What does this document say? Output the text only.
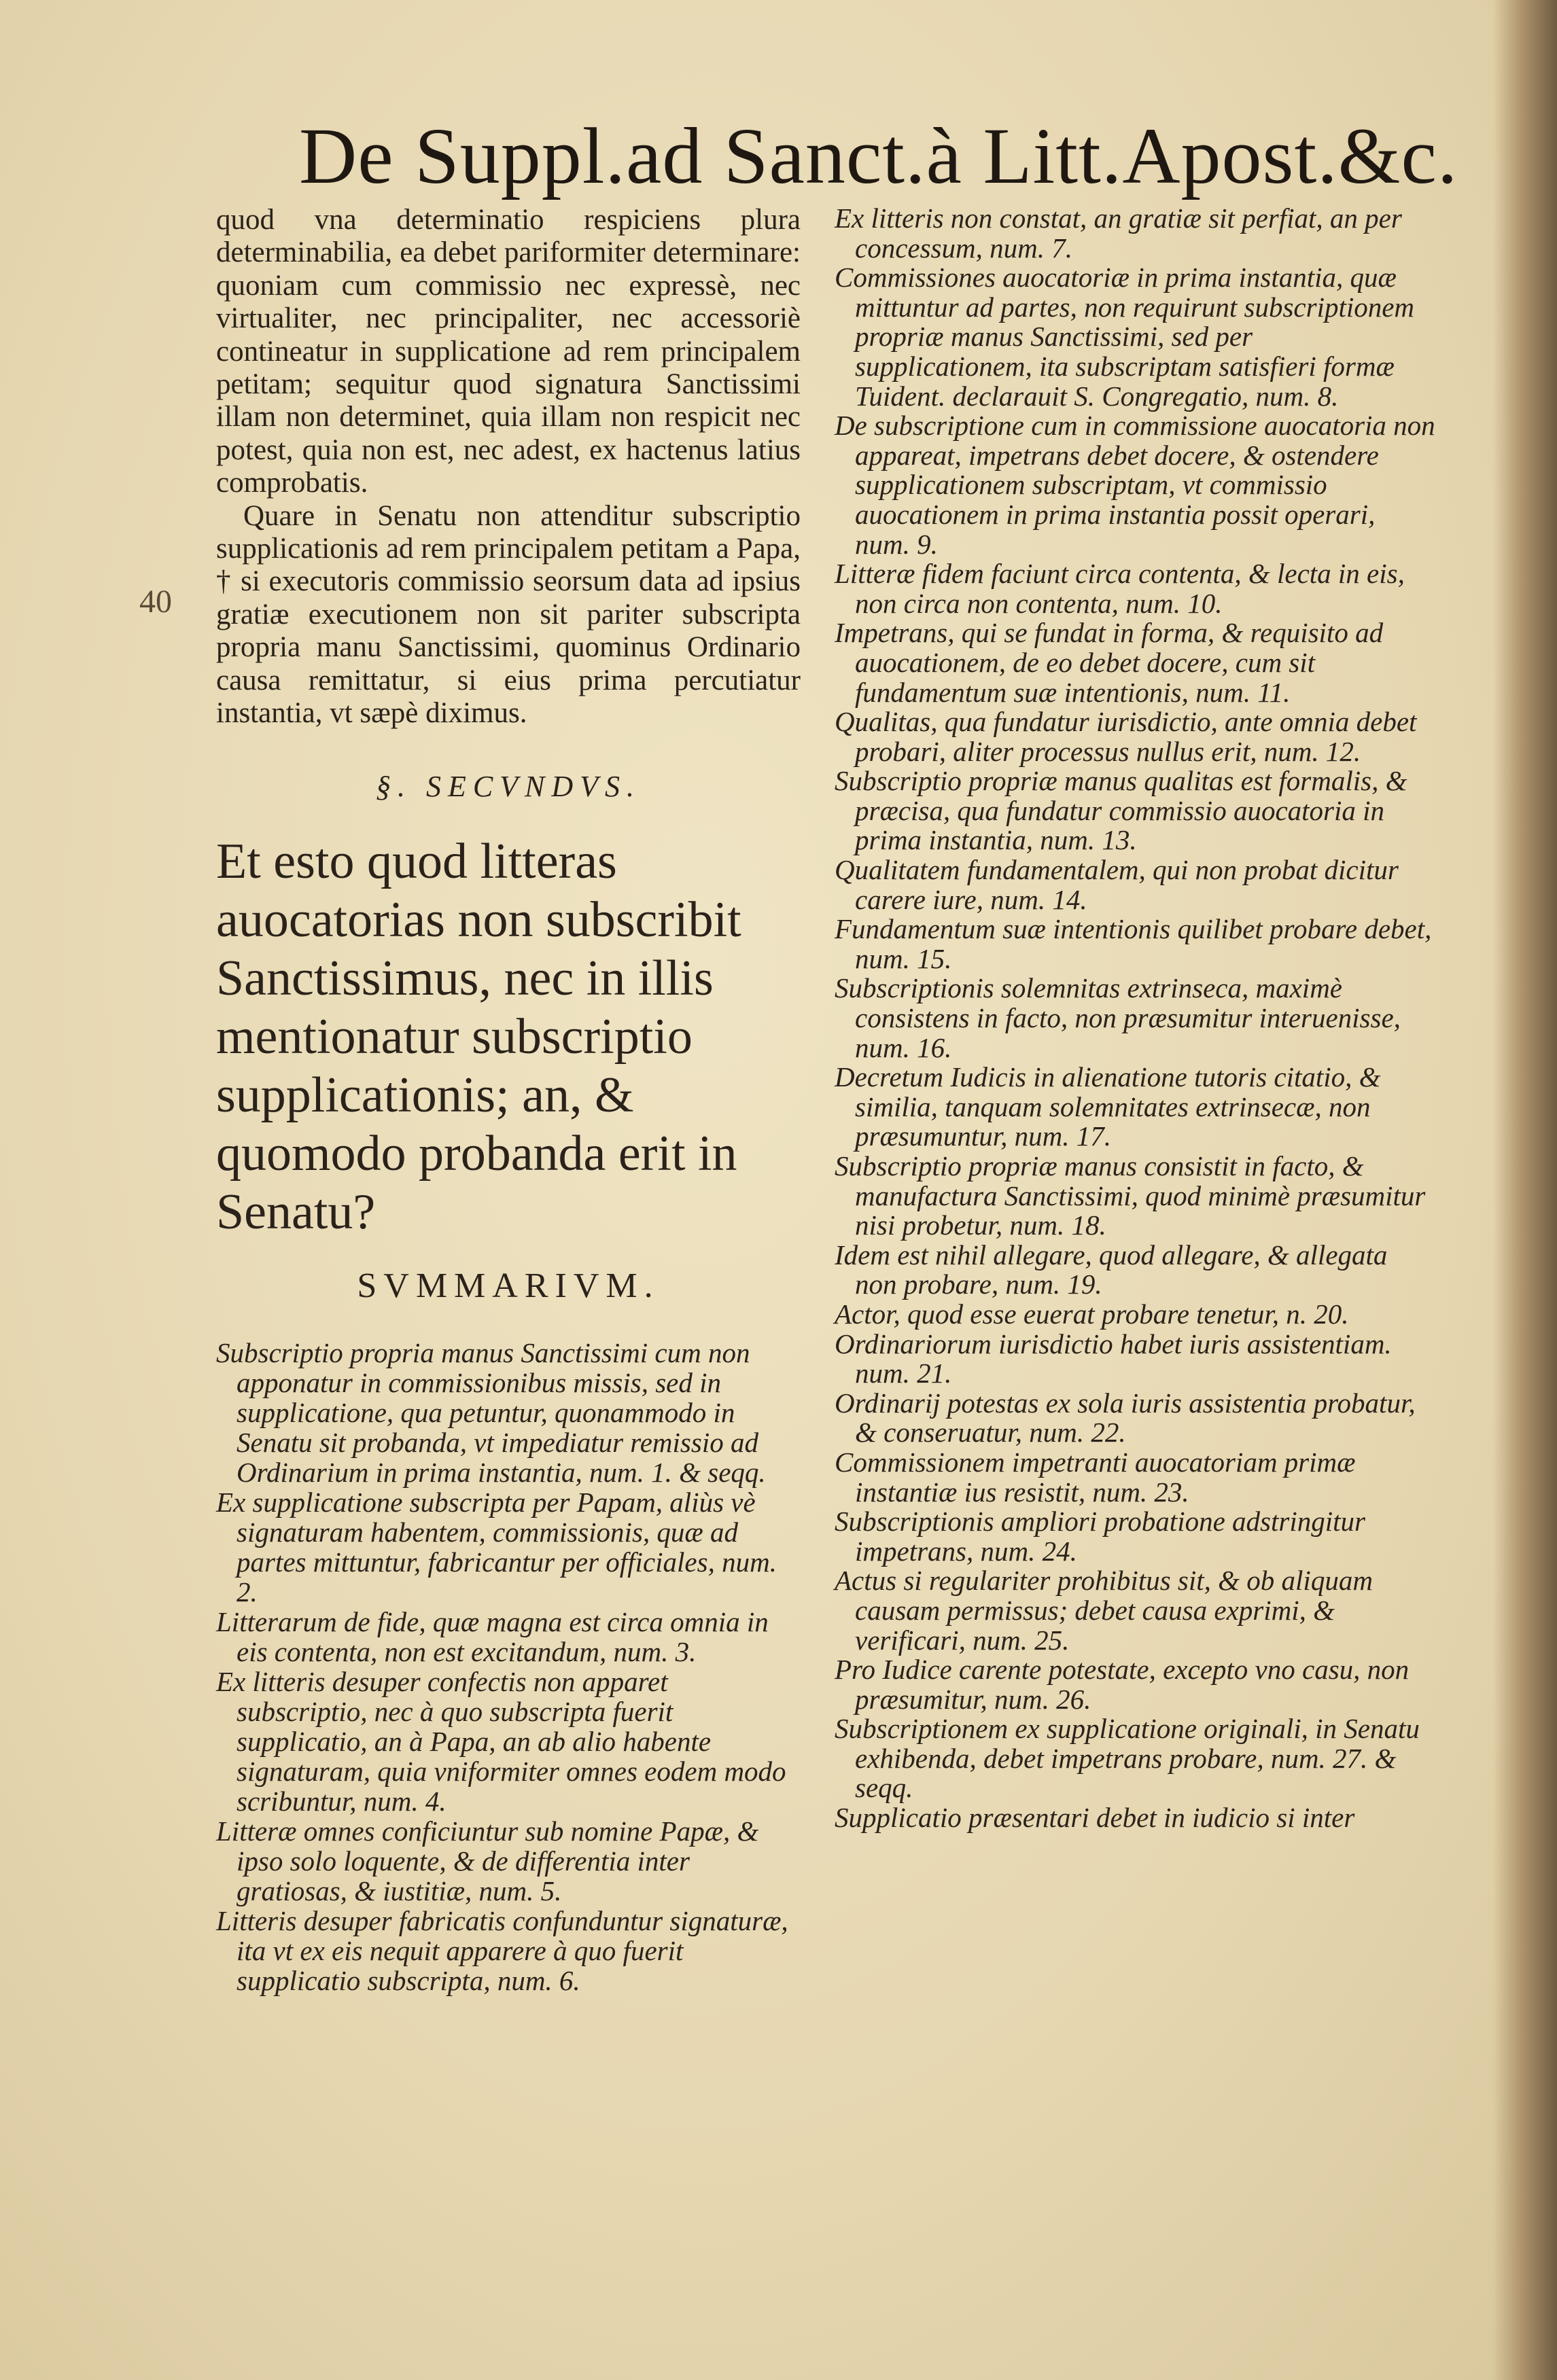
De Suppl.ad Sanct.à Litt.Apost.&c.
40

quod vna determinatio respiciens plura determinabilia, ea debet pariformiter determinare: quoniam cum commissio nec expressè, nec virtualiter, nec principaliter, nec accessoriè contineatur in supplicatione ad rem principalem petitam; sequitur quod signatura Sanctissimi illam non determinet, quia illam non respicit nec potest, quia non est, nec adest, ex hactenus latius comprobatis.

Quare in Senatu non attenditur subscriptio supplicationis ad rem principalem petitam a Papa, † si executoris commissio seorsum data ad ipsius gratiæ executionem non sit pariter subscripta propria manu Sanctissimi, quominus Ordinario causa remittatur, si eius prima percutiatur instantia, vt sæpè diximus.

§. SECVNDVS.

Et esto quod litteras auocatorias non subscribit Sanctissimus, nec in illis mentionatur subscriptio supplicationis; an, & quomodo probanda erit in Senatu?

SVMMARIVM.

Subscriptio propria manus Sanctissimi cum non apponatur in commissionibus missis, sed in supplicatione, qua petuntur, quonammodo in Senatu sit probanda, vt impediatur remissio ad Ordinarium in prima instantia, num. 1. & seqq.

Ex supplicatione subscripta per Papam, aliùs vè signaturam habentem, commissionis, quæ ad partes mittuntur, fabricantur per officiales, num. 2.

Litterarum de fide, quæ magna est circa omnia in eis contenta, non est excitandum, num. 3.

Ex litteris desuper confectis non apparet subscriptio, nec à quo subscripta fuerit supplicatio, an à Papa, an ab alio habente signaturam, quia vniformiter omnes eodem modo scribuntur, num. 4.

Litteræ omnes conficiuntur sub nomine Papæ, & ipso solo loquente, & de differentia inter gratiosas, & iustitiæ, num. 5.

Litteris desuper fabricatis confunduntur signaturæ, ita vt ex eis nequit apparere à quo fuerit supplicatio subscripta, num. 6.

Ex litteris non constat, an gratiæ sit perfiat, an per concessum, num. 7.

Commissiones auocatoriæ in prima instantia, quæ mittuntur ad partes, non requirunt subscriptionem propriæ manus Sanctissimi, sed per supplicationem, ita subscriptam satisfieri formæ Tuident. declarauit S. Congregatio, num. 8.

De subscriptione cum in commissione auocatoria non appareat, impetrans debet docere, & ostendere supplicationem subscriptam, vt commissio auocationem in prima instantia possit operari, num. 9.

Litteræ fidem faciunt circa contenta, & lecta in eis, non circa non contenta, num. 10.

Impetrans, qui se fundat in forma, & requisito ad auocationem, de eo debet docere, cum sit fundamentum suæ intentionis, num. 11.

Qualitas, qua fundatur iurisdictio, ante omnia debet probari, aliter processus nullus erit, num. 12.

Subscriptio propriæ manus qualitas est formalis, & præcisa, qua fundatur commissio auocatoria in prima instantia, num. 13.

Qualitatem fundamentalem, qui non probat dicitur carere iure, num. 14.

Fundamentum suæ intentionis quilibet probare debet, num. 15.

Subscriptionis solemnitas extrinseca, maximè consistens in facto, non præsumitur interuenisse, num. 16.

Decretum Iudicis in alienatione tutoris citatio, & similia, tanquam solemnitates extrinsecæ, non præsumuntur, num. 17.

Subscriptio propriæ manus consistit in facto, & manufactura Sanctissimi, quod minimè præsumitur nisi probetur, num. 18.

Idem est nihil allegare, quod allegare, & allegata non probare, num. 19.

Actor, quod esse euerat probare tenetur, n. 20.

Ordinariorum iurisdictio habet iuris assistentiam. num. 21.

Ordinarij potestas ex sola iuris assistentia probatur, & conseruatur, num. 22.

Commissionem impetranti auocatoriam primæ instantiæ ius resistit, num. 23.

Subscriptionis ampliori probatione adstringitur impetrans, num. 24.

Actus si regulariter prohibitus sit, & ob aliquam causam permissus; debet causa exprimi, & verificari, num. 25.

Pro Iudice carente potestate, excepto vno casu, non præsumitur, num. 26.

Subscriptionem ex supplicatione originali, in Senatu exhibenda, debet impetrans probare, num. 27. & seqq.

Supplicatio præsentari debet in iudicio si inter
